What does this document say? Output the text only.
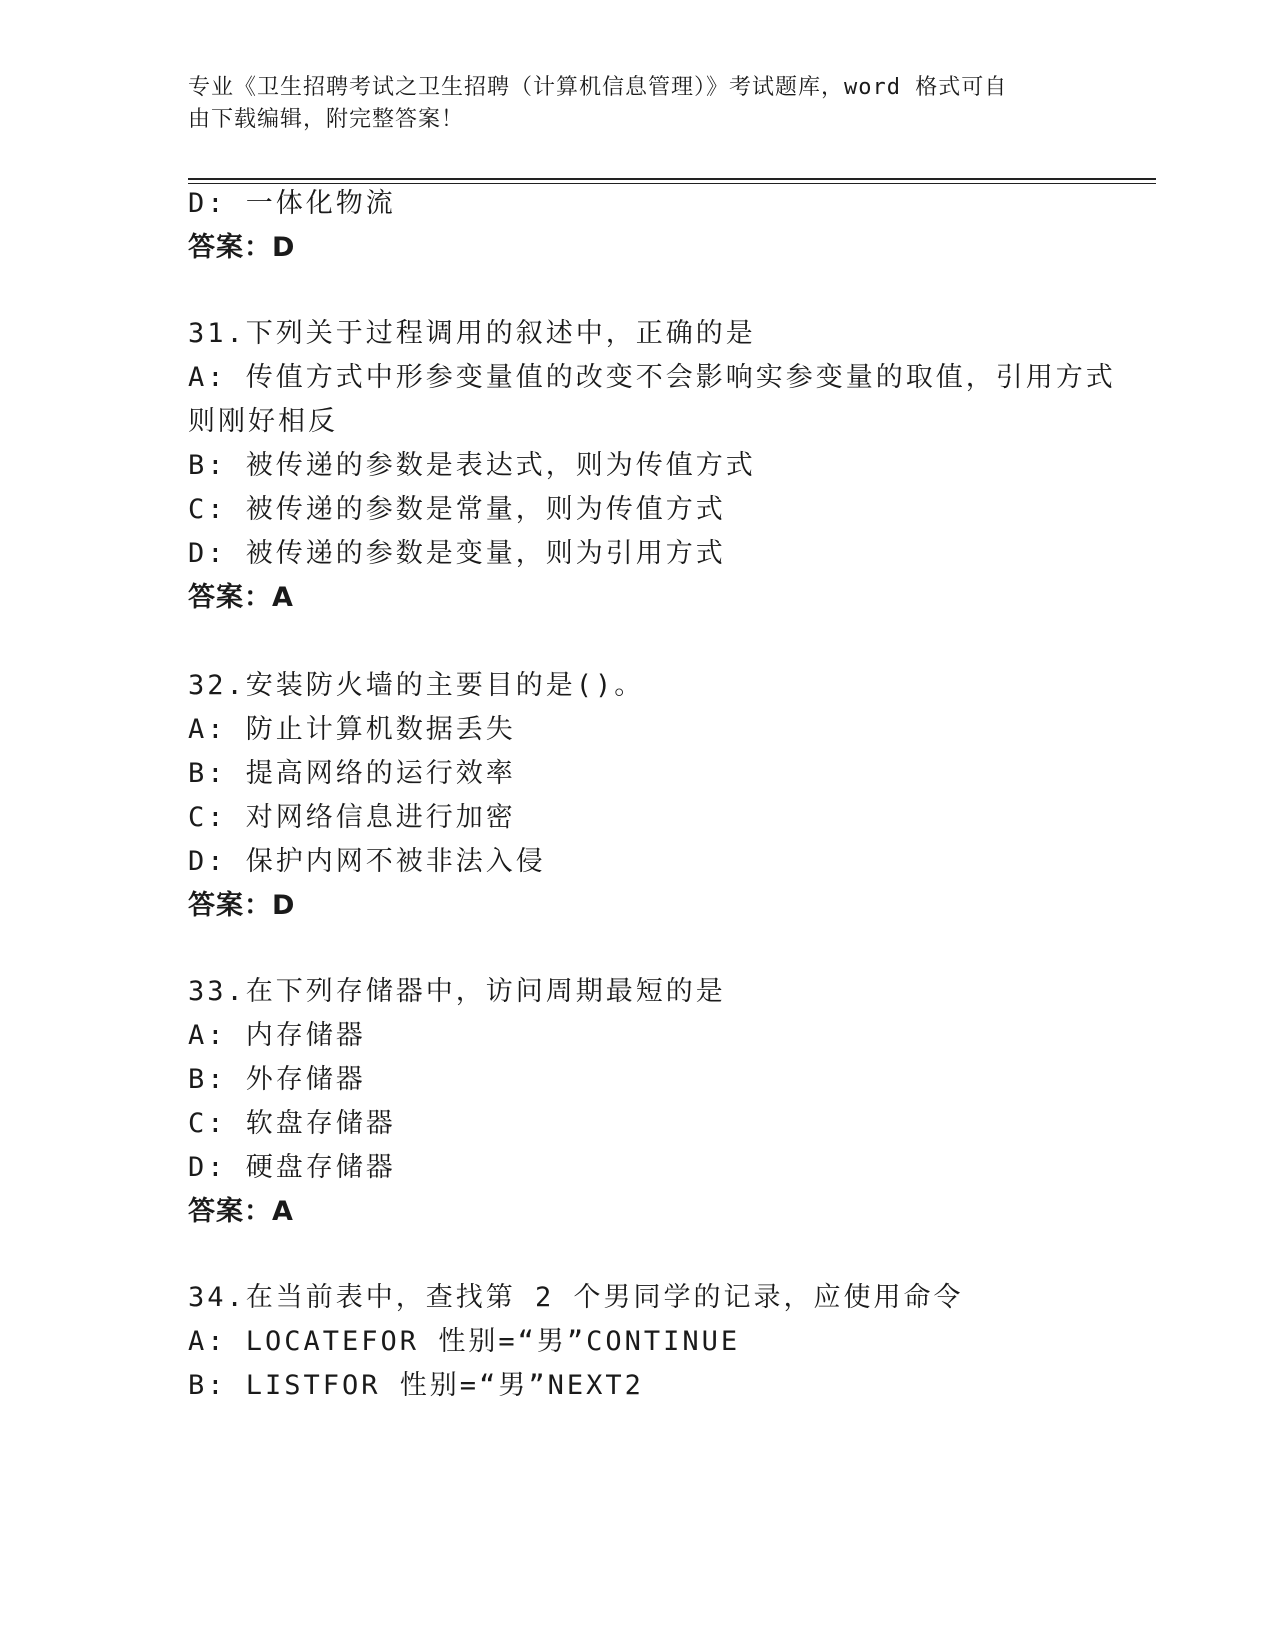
专业《卫生招聘考试之卫生招聘（计算机信息管理）》考试题库，word 格式可自
由下载编辑，附完整答案！
D: 一体化物流
答案：D
31.下列关于过程调用的叙述中，正确的是
A: 传值方式中形参变量值的改变不会影响实参变量的取值，引用方式
则刚好相反
B: 被传递的参数是表达式，则为传值方式
C: 被传递的参数是常量，则为传值方式
D: 被传递的参数是变量，则为引用方式
答案：A
32.安装防火墙的主要目的是()。
A: 防止计算机数据丢失
B: 提高网络的运行效率
C: 对网络信息进行加密
D: 保护内网不被非法入侵
答案：D
33.在下列存储器中，访问周期最短的是
A: 内存储器
B: 外存储器
C: 软盘存储器
D: 硬盘存储器
答案：A
34.在当前表中，查找第 2 个男同学的记录，应使用命令
A: LOCATEFOR 性别=“男”CONTINUE
B: LISTFOR 性别=“男”NEXT2
